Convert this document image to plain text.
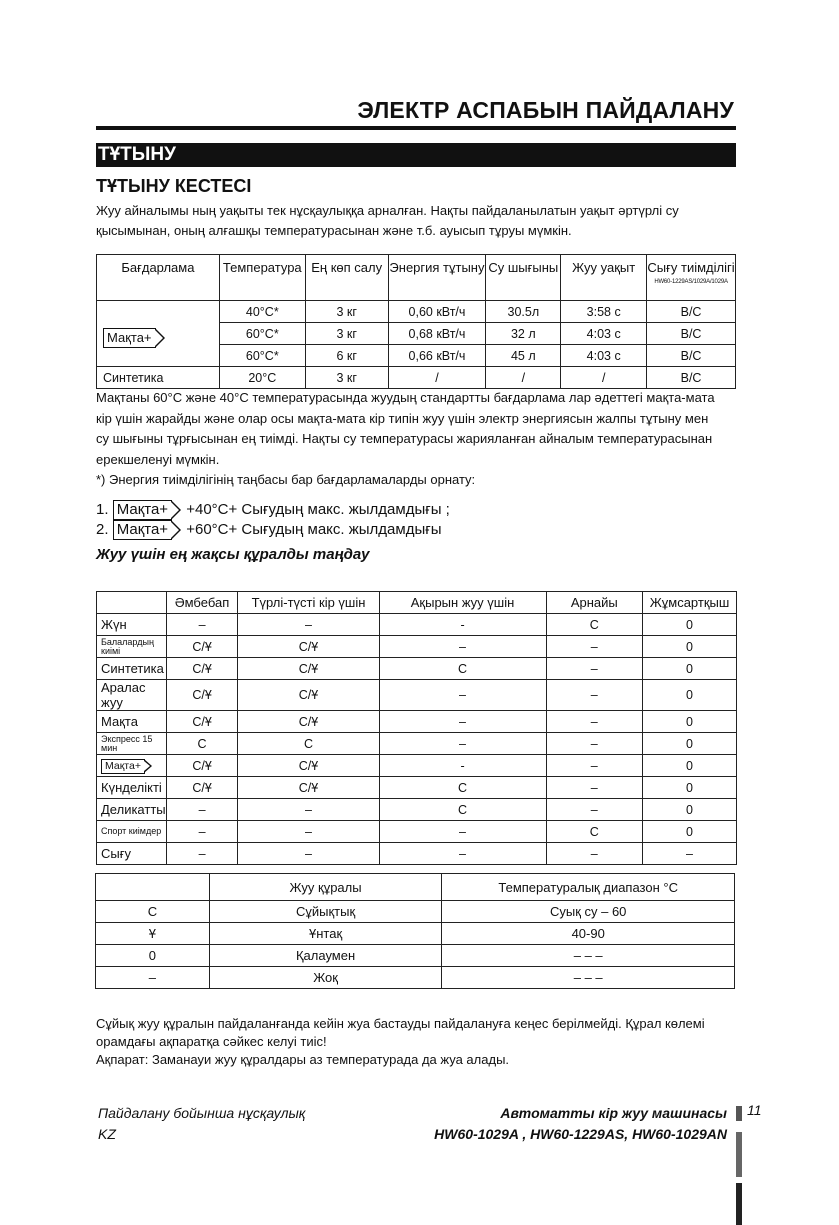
ЭЛЕКТР АСПАБЫН ПАЙДАЛАНУ
ТҰТЫНУ
ТҰТЫНУ КЕСТЕСІ
Жуу айналымы ның уақыты тек нұсқаулыққа арналған. Нақты пайдаланылатын уақыт әртүрлі су қысымынан, оның алғашқы температурасынан және т.б. ауысып тұруы мүмкін.
Бағдарлама	Температура	Ең көп салу	Энергия тұтыну	Су шығыны	Жуу уақыт	Сығу тиімділігі
HW60-1229AS/1029A/1029A

Мақта+	40°C*	3 кг	0,60 кВт/ч	30.5л	3:58 с	В/С
	60°C*	3 кг	0,68 кВт/ч	32 л	4:03 с	В/С
	60°C*	6 кг	0,66 кВт/ч	45 л	4:03 с	В/С
Синтетика	20°C	3 кг	/	/	/	В/С
Мақтаны 60°C және 40°C температурасында жуудың стандартты бағдарлама лар әдеттегі мақта-мата
кір үшін жарайды және олар осы мақта-мата кір типін жуу үшін электр энергиясын жалпы тұтыну мен
су шығыны тұрғысынан ең тиімді. Нақты су температурасы жарияланған айналым температурасынан
ерекшеленуі мүмкін.
*) Энергия тиімділігінің таңбасы бар бағдарламаларды орнату:
1. Мақта+ +40°C+ Сығудың макс. жылдамдығы ;
2. Мақта+ +60°C+ Сығудың макс. жылдамдығы
Жуу үшін ең жақсы құралды таңдау
	Әмбебап	Түрлі-түсті кір үшін	Ақырын жуу үшін	Арнайы	Жұмсартқыш
Жүн	–	–	-	С	0
Балалардың киімі	С/Ұ	С/Ұ	–	–	0
Синтетика	С/Ұ	С/Ұ	С	–	0
Аралас жуу	С/Ұ	С/Ұ	–	–	0
Мақта	С/Ұ	С/Ұ	–	–	0
Экспресс 15 мин	С	С	–	–	0
Мақта+	С/Ұ	С/Ұ	-	–	0
Күнделікті	С/Ұ	С/Ұ	С	–	0
Деликатты	–	–	С	–	0
Спорт киімдер	–	–	–	С	0
Сығу	–	–	–	–	–
	Жуу құралы	Температуралық диапазон °С
С	Сұйықтық	Суық су – 60
Ұ	Ұнтақ	40-90
0	Қалаумен	– – –
–	Жоқ	– – –
Сұйық жуу құралын пайдаланғанда кейін жуа бастауды пайдалануға кеңес берілмейді. Құрал көлемі
орамдағы ақпаратқа сәйкес келуі тиіс!
Ақпарат: Заманауи жуу құралдары аз температурада да жуа алады.
Пайдалану бойынша нұсқаулық
KZ
Автоматты кір жуу машинасы
HW60-1029A , HW60-1229AS, HW60-1029AN
11
